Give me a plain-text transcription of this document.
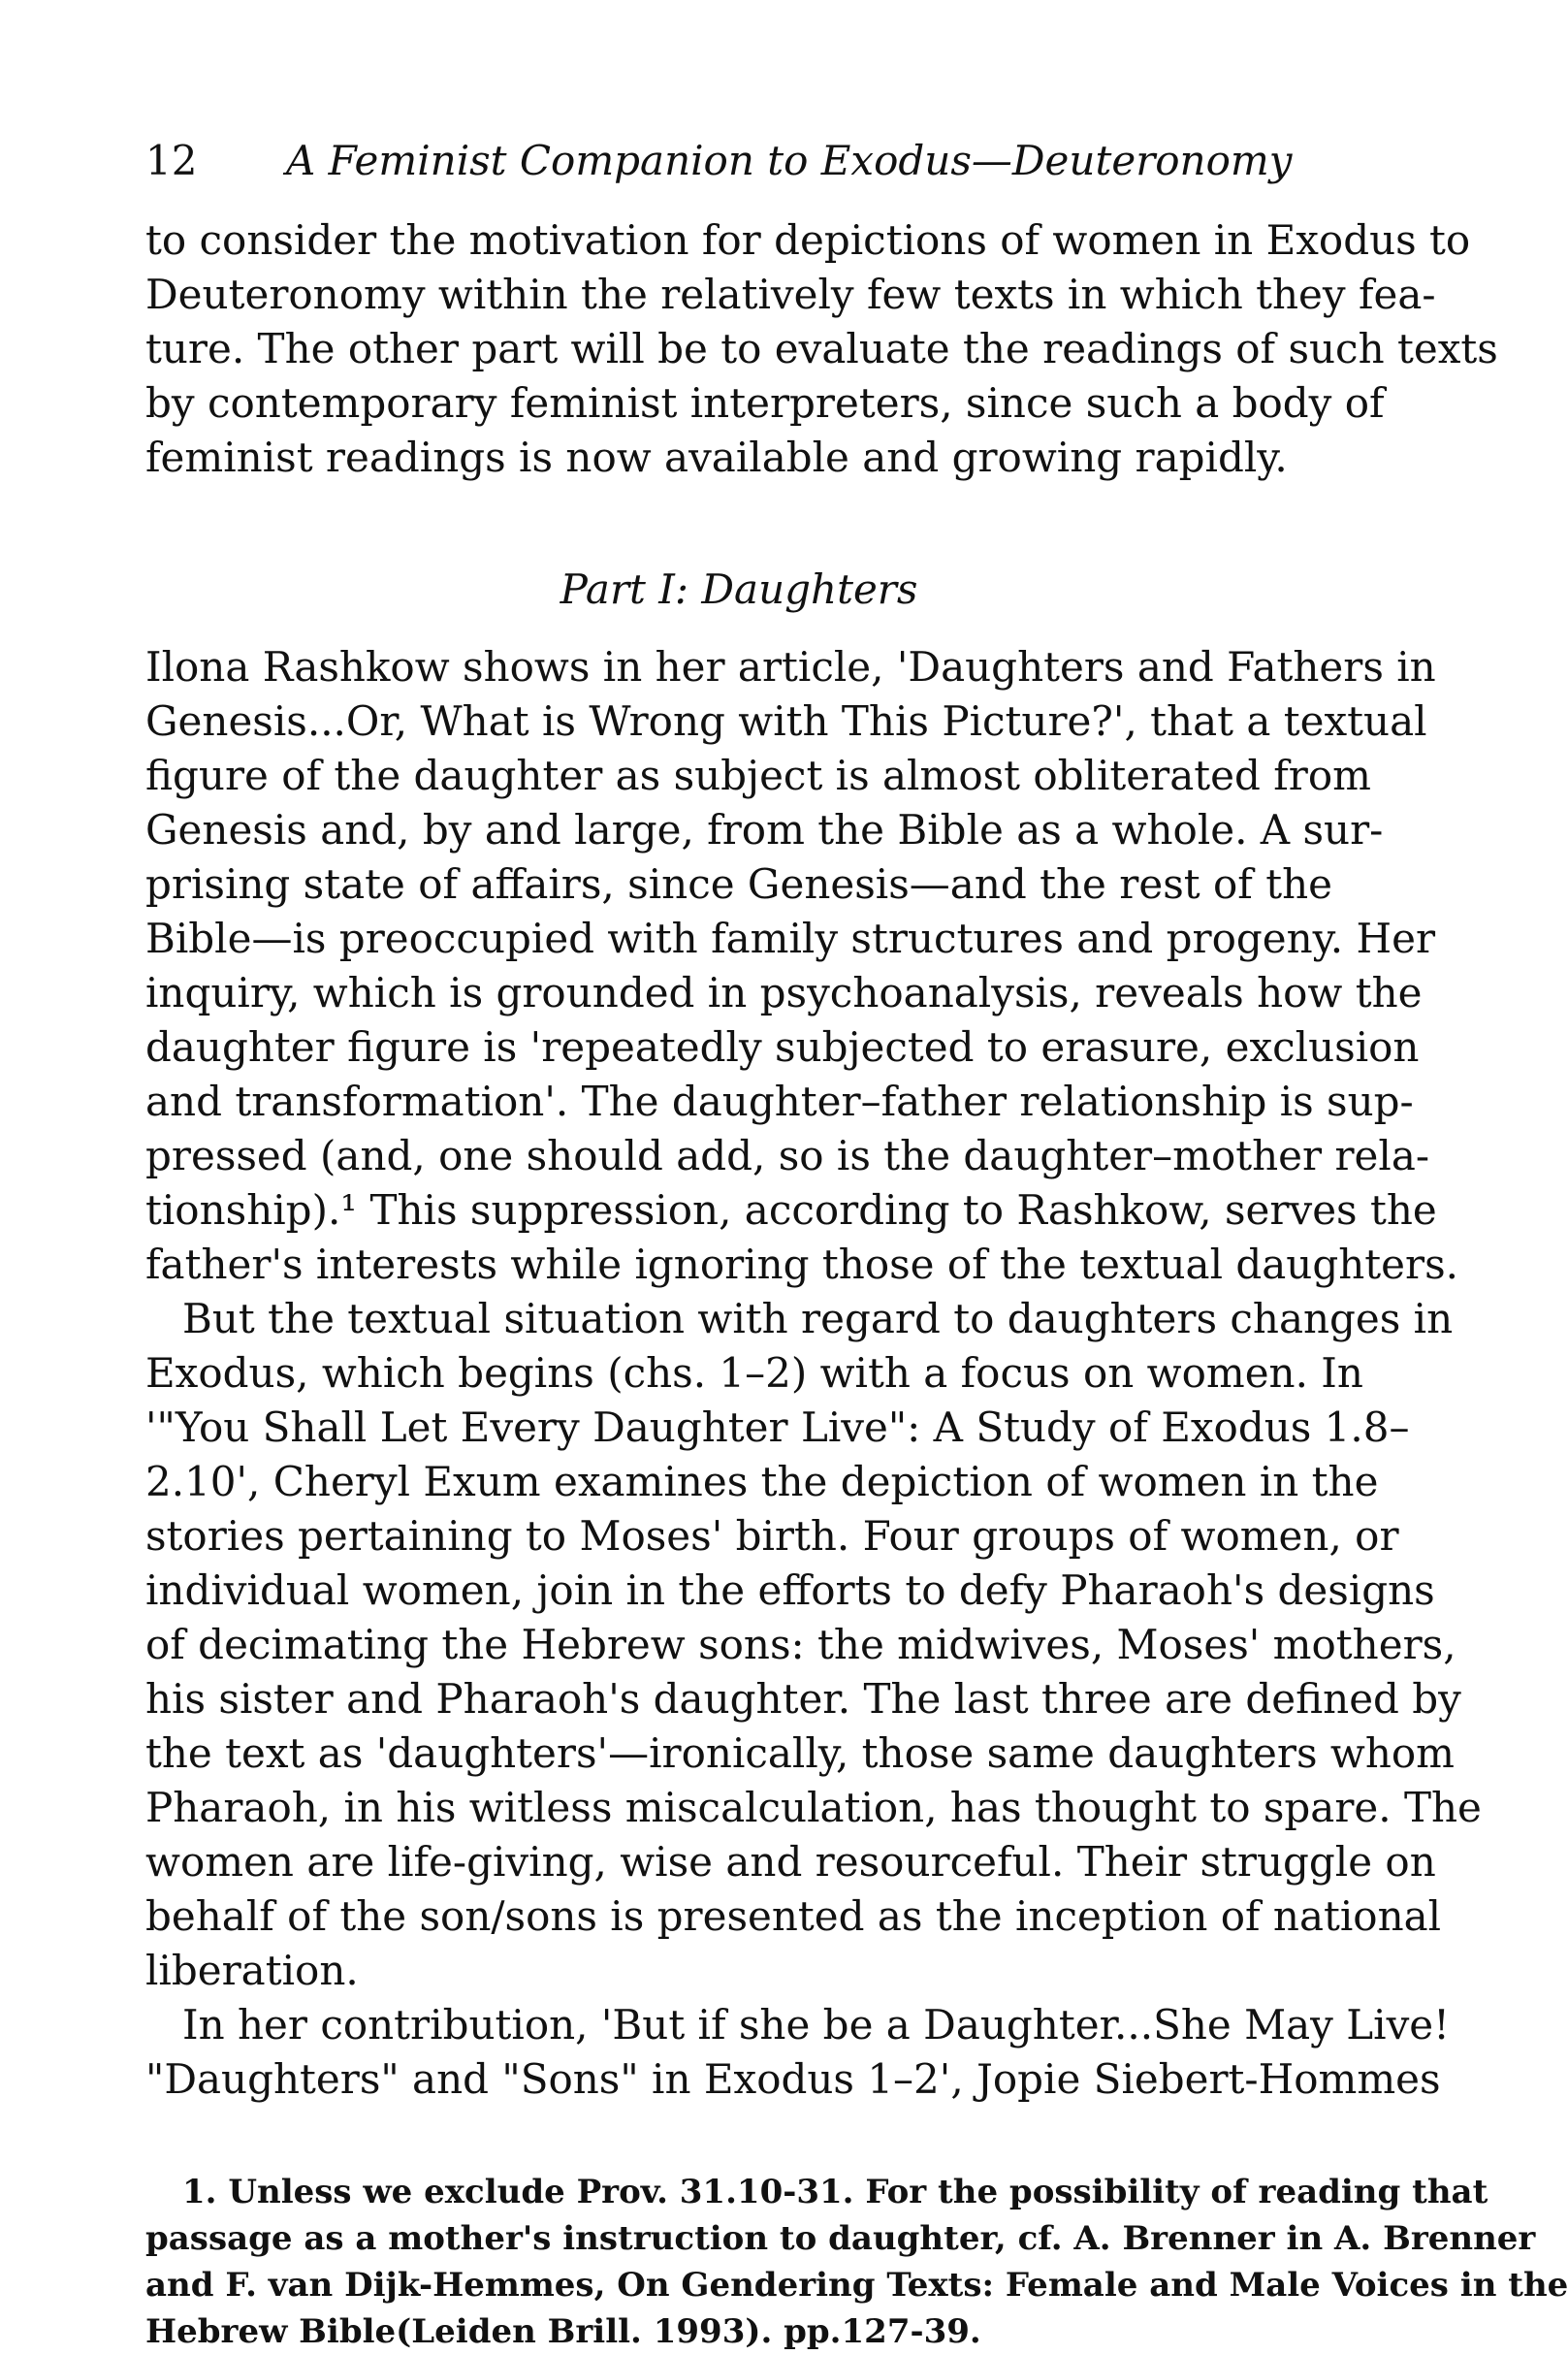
12 A Feminist Companion to Exodus—Deuteronomy
to consider the motivation for depictions of women in Exodus to
Deuteronomy within the relatively few texts in which they fea-
ture. The other part will be to evaluate the readings of such texts
by contemporary feminist interpreters, since such a body of
feminist readings is now available and growing rapidly.
Part I: Daughters
Ilona Rashkow shows in her article, 'Daughters and Fathers in
Genesis...Or, What is Wrong with This Picture?', that a textual
figure of the daughter as subject is almost obliterated from
Genesis and, by and large, from the Bible as a whole. A sur-
prising state of affairs, since Genesis—and the rest of the
Bible—is preoccupied with family structures and progeny. Her
inquiry, which is grounded in psychoanalysis, reveals how the
daughter figure is 'repeatedly subjected to erasure, exclusion
and transformation'. The daughter–father relationship is sup-
pressed (and, one should add, so is the daughter–mother rela-
tionship).¹ This suppression, according to Rashkow, serves the
father's interests while ignoring those of the textual daughters.
But the textual situation with regard to daughters changes in
Exodus, which begins (chs. 1–2) with a focus on women. In
'"You Shall Let Every Daughter Live": A Study of Exodus 1.8–
2.10', Cheryl Exum examines the depiction of women in the
stories pertaining to Moses' birth. Four groups of women, or
individual women, join in the efforts to defy Pharaoh's designs
of decimating the Hebrew sons: the midwives, Moses' mothers,
his sister and Pharaoh's daughter. The last three are defined by
the text as 'daughters'—ironically, those same daughters whom
Pharaoh, in his witless miscalculation, has thought to spare. The
women are life-giving, wise and resourceful. Their struggle on
behalf of the son/sons is presented as the inception of national
liberation.
In her contribution, 'But if she be a Daughter...She May Live!
"Daughters" and "Sons" in Exodus 1–2', Jopie Siebert-Hommes
1. Unless we exclude Prov. 31.10-31. For the possibility of reading that
passage as a mother's instruction to daughter, cf. A. Brenner in A. Brenner
and F. van Dijk-Hemmes, On Gendering Texts: Female and Male Voices in the
Hebrew Bible(Leiden Brill. 1993). pp.127-39.
